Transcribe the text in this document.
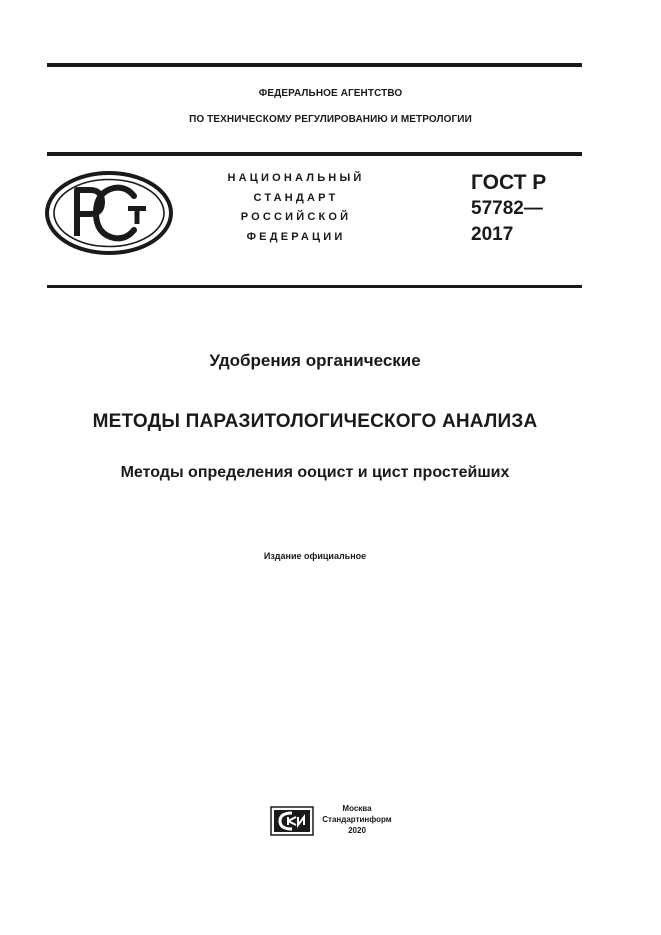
ФЕДЕРАЛЬНОЕ АГЕНТСТВО
ПО ТЕХНИЧЕСКОМУ РЕГУЛИРОВАНИЮ И МЕТРОЛОГИИ
НАЦИОНАЛЬНЫЙ
СТАНДАРТ
РОССИЙСКОЙ
ФЕДЕРАЦИИ
ГОСТ Р
57782—
2017
Удобрения органические
МЕТОДЫ ПАРАЗИТОЛОГИЧЕСКОГО АНАЛИЗА
Методы определения ооцист и цист простейших
Издание официальное
Москва
Стандартинформ
2020
